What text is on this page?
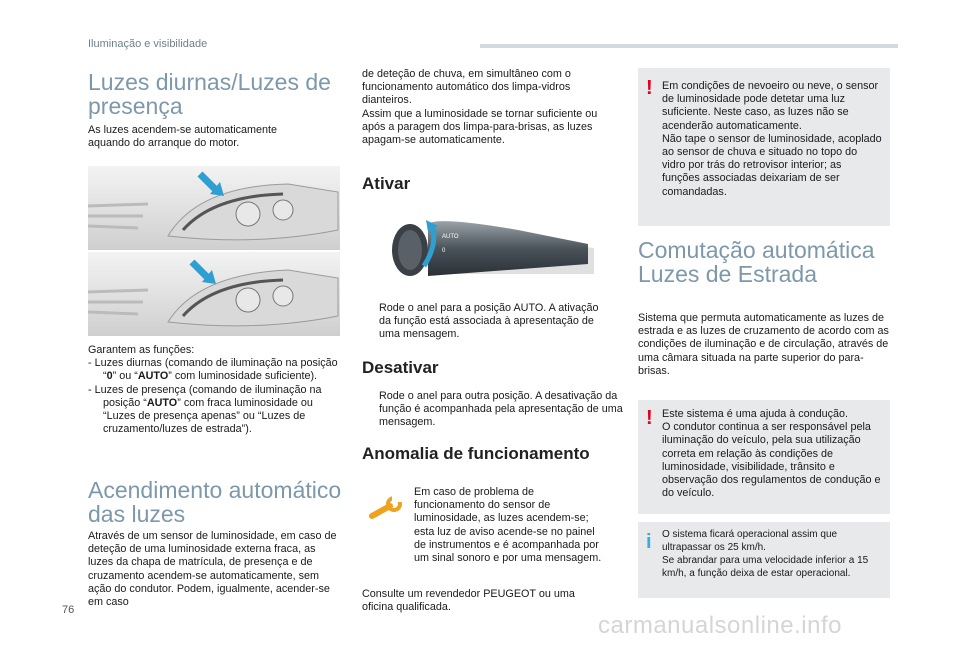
Iluminação e visibilidade
Luzes diurnas/Luzes de
presença
As luzes acendem-se automaticamente aquando do arranque do motor.

Garantem as funções:

- Luzes diurnas (comando de iluminação na posição “0” ou “AUTO” com luminosidade suficiente).

- Luzes de presença (comando de iluminação na posição “AUTO” com fraca luminosidade ou “Luzes de presença apenas” ou “Luzes de cruzamento/luzes de estrada”).

Acendimento automático
das luzes
Através de um sensor de luminosidade, em caso de deteção de uma luminosidade externa fraca, as luzes da chapa de matrícula, de presença e de cruzamento acendem-se automaticamente, sem ação do condutor. Podem, igualmente, acender-se em caso

de deteção de chuva, em simultâneo com o funcionamento automático dos limpa-vidros dianteiros.

Assim que a luminosidade se tornar suficiente ou após a paragem dos limpa-para-brisas, as luzes apagam-se automaticamente.

Ativar
AUTO
0
Rode o anel para a posição AUTO. A ativação da função está associada à apresentação de uma mensagem.
Desativar
Rode o anel para outra posição. A desativação da função é acompanhada pela apresentação de uma mensagem.
Anomalia de funcionamento
Em caso de problema de funcionamento do sensor de luminosidade, as luzes acendem-se; esta luz de aviso acende-se no painel de instrumentos e é acompanhada por um sinal sonoro e por uma mensagem.
Consulte um revendedor PEUGEOT ou uma oficina qualificada.
! Em condições de nevoeiro ou neve, o sensor de luminosidade pode detetar uma luz suficiente. Neste caso, as luzes não se acenderão automaticamente.

Não tape o sensor de luminosidade, acoplado ao sensor de chuva e situado no topo do vidro por trás do retrovisor interior; as funções associadas deixariam de ser comandadas.

Comutação automática
Luzes de Estrada
Sistema que permuta automaticamente as luzes de estrada e as luzes de cruzamento de acordo com as condições de iluminação e de circulação, através de uma câmara situada na parte superior do para-brisas.
! Este sistema é uma ajuda à condução.

O condutor continua a ser responsável pela iluminação do veículo, pela sua utilização correta em relação às condições de luminosidade, visibilidade, trânsito e observação dos regulamentos de condução e do veículo.

i O sistema ficará operacional assim que ultrapassar os 25 km/h.

Se abrandar para uma velocidade inferior a 15 km/h, a função deixa de estar operacional.

76
carmanualsonline.info
